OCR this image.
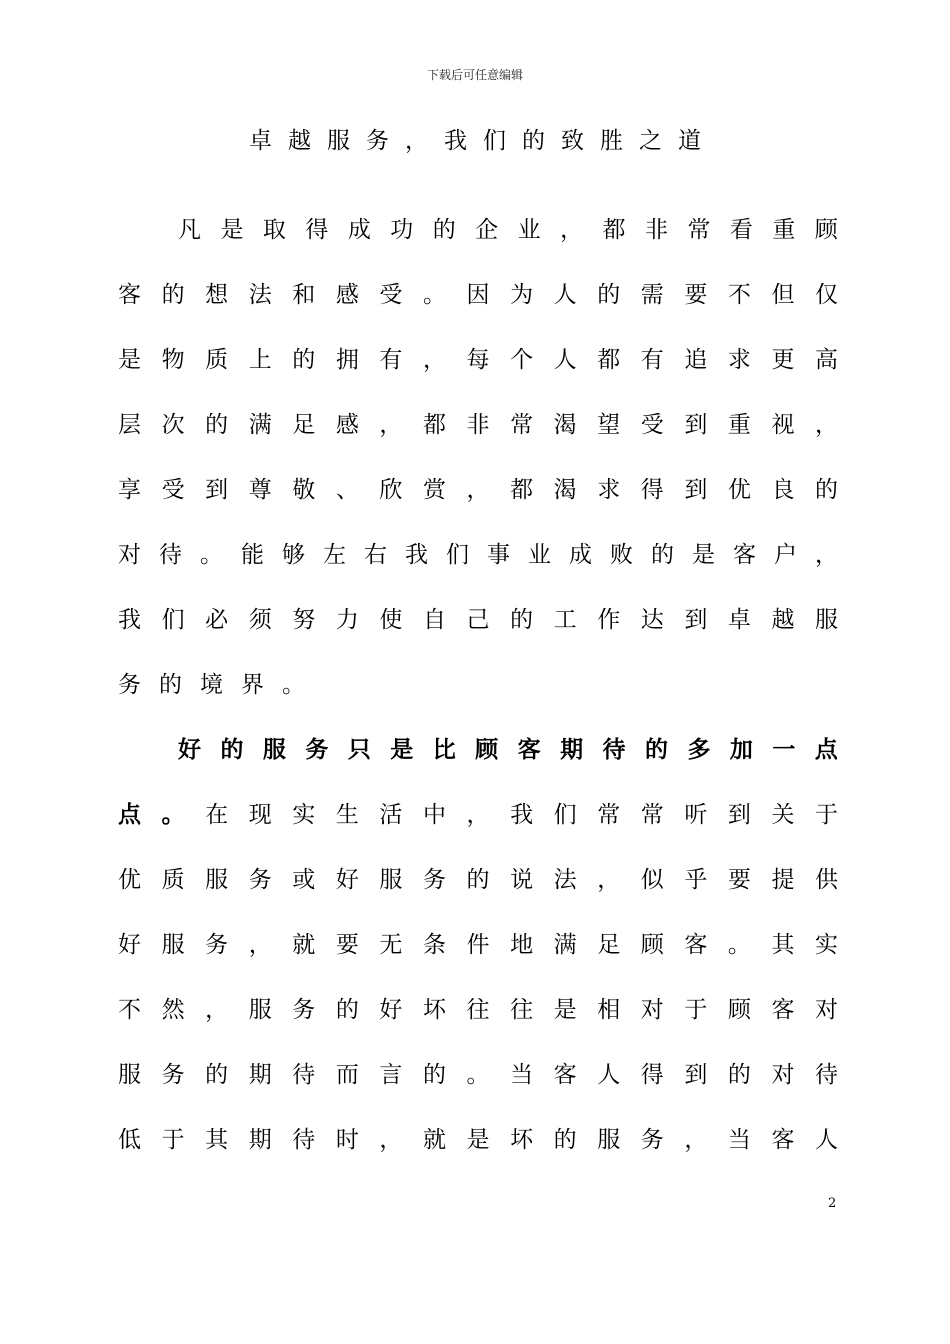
下载后可任意编辑
卓越服务，我们的致胜之道
凡 是 取 得 成 功 的 企 业 ， 都 非 常 看 重 顾
客 的 想 法 和 感 受 。 因 为 人 的 需 要 不 但 仅
是 物 质 上 的 拥 有 ， 每 个 人 都 有 追 求 更 高
层 次 的 满 足 感 ， 都 非 常 渴 望 受 到 重 视 ，
享 受 到 尊 敬 、 欣 赏 ， 都 渴 求 得 到 优 良 的
对 待 。 能 够 左 右 我 们 事 业 成 败 的 是 客 户 ，
我 们 必 须 努 力 使 自 己 的 工 作 达 到 卓 越 服
务 的 境 界 。
好 的 服 务 只 是 比 顾 客 期 待 的 多 加 一 点
点 。 在 现 实 生 活 中 ， 我 们 常 常 听 到 关 于
优 质 服 务 或 好 服 务 的 说 法 ， 似 乎 要 提 供
好 服 务 ， 就 要 无 条 件 地 满 足 顾 客 。 其 实
不 然 ， 服 务 的 好 坏 往 往 是 相 对 于 顾 客 对
服 务 的 期 待 而 言 的 。 当 客 人 得 到 的 对 待
低 于 其 期 待 时 ， 就 是 坏 的 服 务 ， 当 客 人
2
